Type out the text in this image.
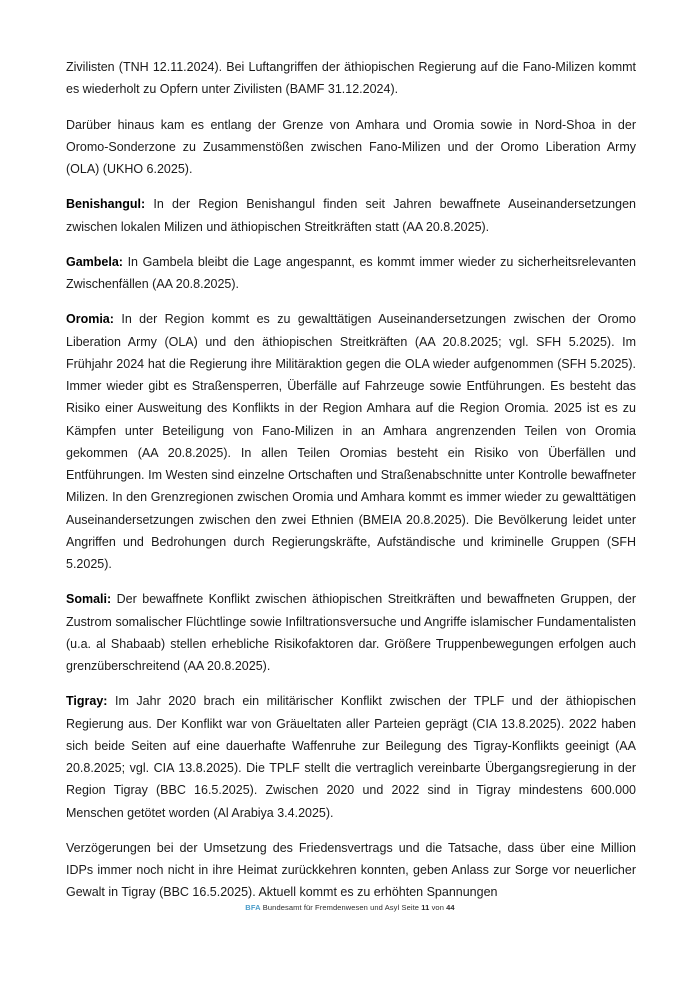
Zivilisten (TNH 12.11.2024). Bei Luftangriffen der äthiopischen Regierung auf die Fano-Milizen kommt es wiederholt zu Opfern unter Zivilisten (BAMF 31.12.2024).

Darüber hinaus kam es entlang der Grenze von Amhara und Oromia sowie in Nord-Shoa in der Oromo-Sonderzone zu Zusammenstößen zwischen Fano-Milizen und der Oromo Liberation Army (OLA) (UKHO 6.2025).

Benishangul: In der Region Benishangul finden seit Jahren bewaffnete Auseinandersetzungen zwischen lokalen Milizen und äthiopischen Streitkräften statt (AA 20.8.2025).

Gambela: In Gambela bleibt die Lage angespannt, es kommt immer wieder zu sicherheitsrelevanten Zwischenfällen (AA 20.8.2025).

Oromia: In der Region kommt es zu gewalttätigen Auseinandersetzungen zwischen der Oromo Liberation Army (OLA) und den äthiopischen Streitkräften (AA 20.8.2025; vgl. SFH 5.2025). Im Frühjahr 2024 hat die Regierung ihre Militäraktion gegen die OLA wieder aufgenommen (SFH 5.2025). Immer wieder gibt es Straßensperren, Überfälle auf Fahrzeuge sowie Entführungen. Es besteht das Risiko einer Ausweitung des Konflikts in der Region Amhara auf die Region Oromia. 2025 ist es zu Kämpfen unter Beteiligung von Fano-Milizen in an Amhara angrenzenden Teilen von Oromia gekommen (AA 20.8.2025). In allen Teilen Oromias besteht ein Risiko von Überfällen und Entführungen. Im Westen sind einzelne Ortschaften und Straßenabschnitte unter Kontrolle bewaffneter Milizen. In den Grenzregionen zwischen Oromia und Amhara kommt es immer wieder zu gewalttätigen Auseinandersetzungen zwischen den zwei Ethnien (BMEIA 20.8.2025). Die Bevölkerung leidet unter Angriffen und Bedrohungen durch Regierungskräfte, Aufständische und kriminelle Gruppen (SFH 5.2025).

Somali: Der bewaffnete Konflikt zwischen äthiopischen Streitkräften und bewaffneten Gruppen, der Zustrom somalischer Flüchtlinge sowie Infiltrationsversuche und Angriffe islamischer Fundamentalisten (u.a. al Shabaab) stellen erhebliche Risikofaktoren dar. Größere Truppenbewegungen erfolgen auch grenzüberschreitend (AA 20.8.2025).

Tigray: Im Jahr 2020 brach ein militärischer Konflikt zwischen der TPLF und der äthiopischen Regierung aus. Der Konflikt war von Gräueltaten aller Parteien geprägt (CIA 13.8.2025). 2022 haben sich beide Seiten auf eine dauerhafte Waffenruhe zur Beilegung des Tigray-Konflikts geeinigt (AA 20.8.2025; vgl. CIA 13.8.2025). Die TPLF stellt die vertraglich vereinbarte Übergangsregierung in der Region Tigray (BBC 16.5.2025). Zwischen 2020 und 2022 sind in Tigray mindestens 600.000 Menschen getötet worden (Al Arabiya 3.4.2025).

Verzögerungen bei der Umsetzung des Friedensvertrags und die Tatsache, dass über eine Million IDPs immer noch nicht in ihre Heimat zurückkehren konnten, geben Anlass zur Sorge vor neuerlicher Gewalt in Tigray (BBC 16.5.2025). Aktuell kommt es zu erhöhten Spannungen

BFA Bundesamt für Fremdenwesen und Asyl Seite 11 von 44
